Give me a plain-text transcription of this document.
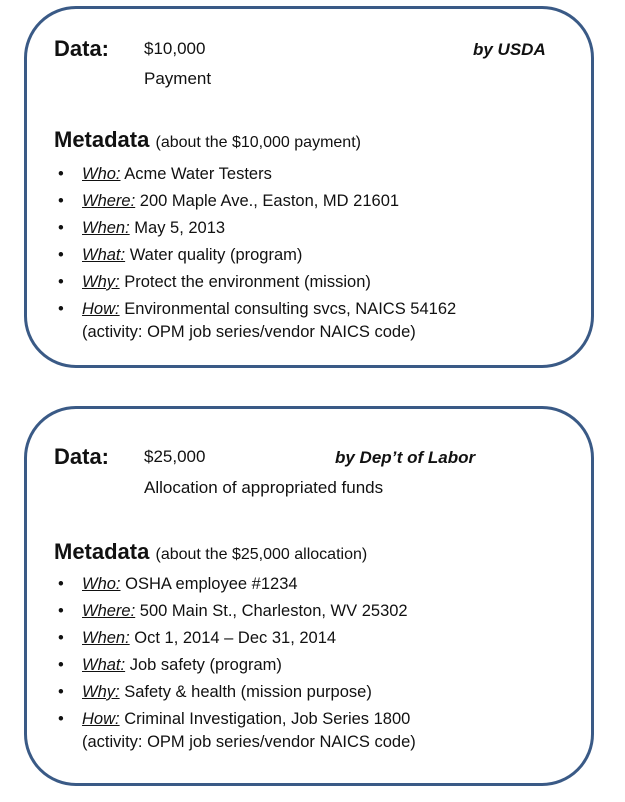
Data: $10,000
Payment
by USDA
Metadata (about the $10,000 payment)
• Who: Acme Water Testers
• Where: 200 Maple Ave., Easton, MD 21601
• When: May 5, 2013
• What: Water quality (program)
• Why: Protect the environment (mission)
• How: Environmental consulting svcs, NAICS 54162
(activity: OPM job series/vendor NAICS code)
Data: $25,000
Allocation of appropriated funds
by Dep’t of Labor
Metadata (about the $25,000 allocation)
• Who: OSHA employee #1234
• Where: 500 Main St., Charleston, WV 25302
• When: Oct 1, 2014 – Dec 31, 2014
• What: Job safety (program)
• Why: Safety & health (mission purpose)
• How: Criminal Investigation, Job Series 1800
(activity: OPM job series/vendor NAICS code)
